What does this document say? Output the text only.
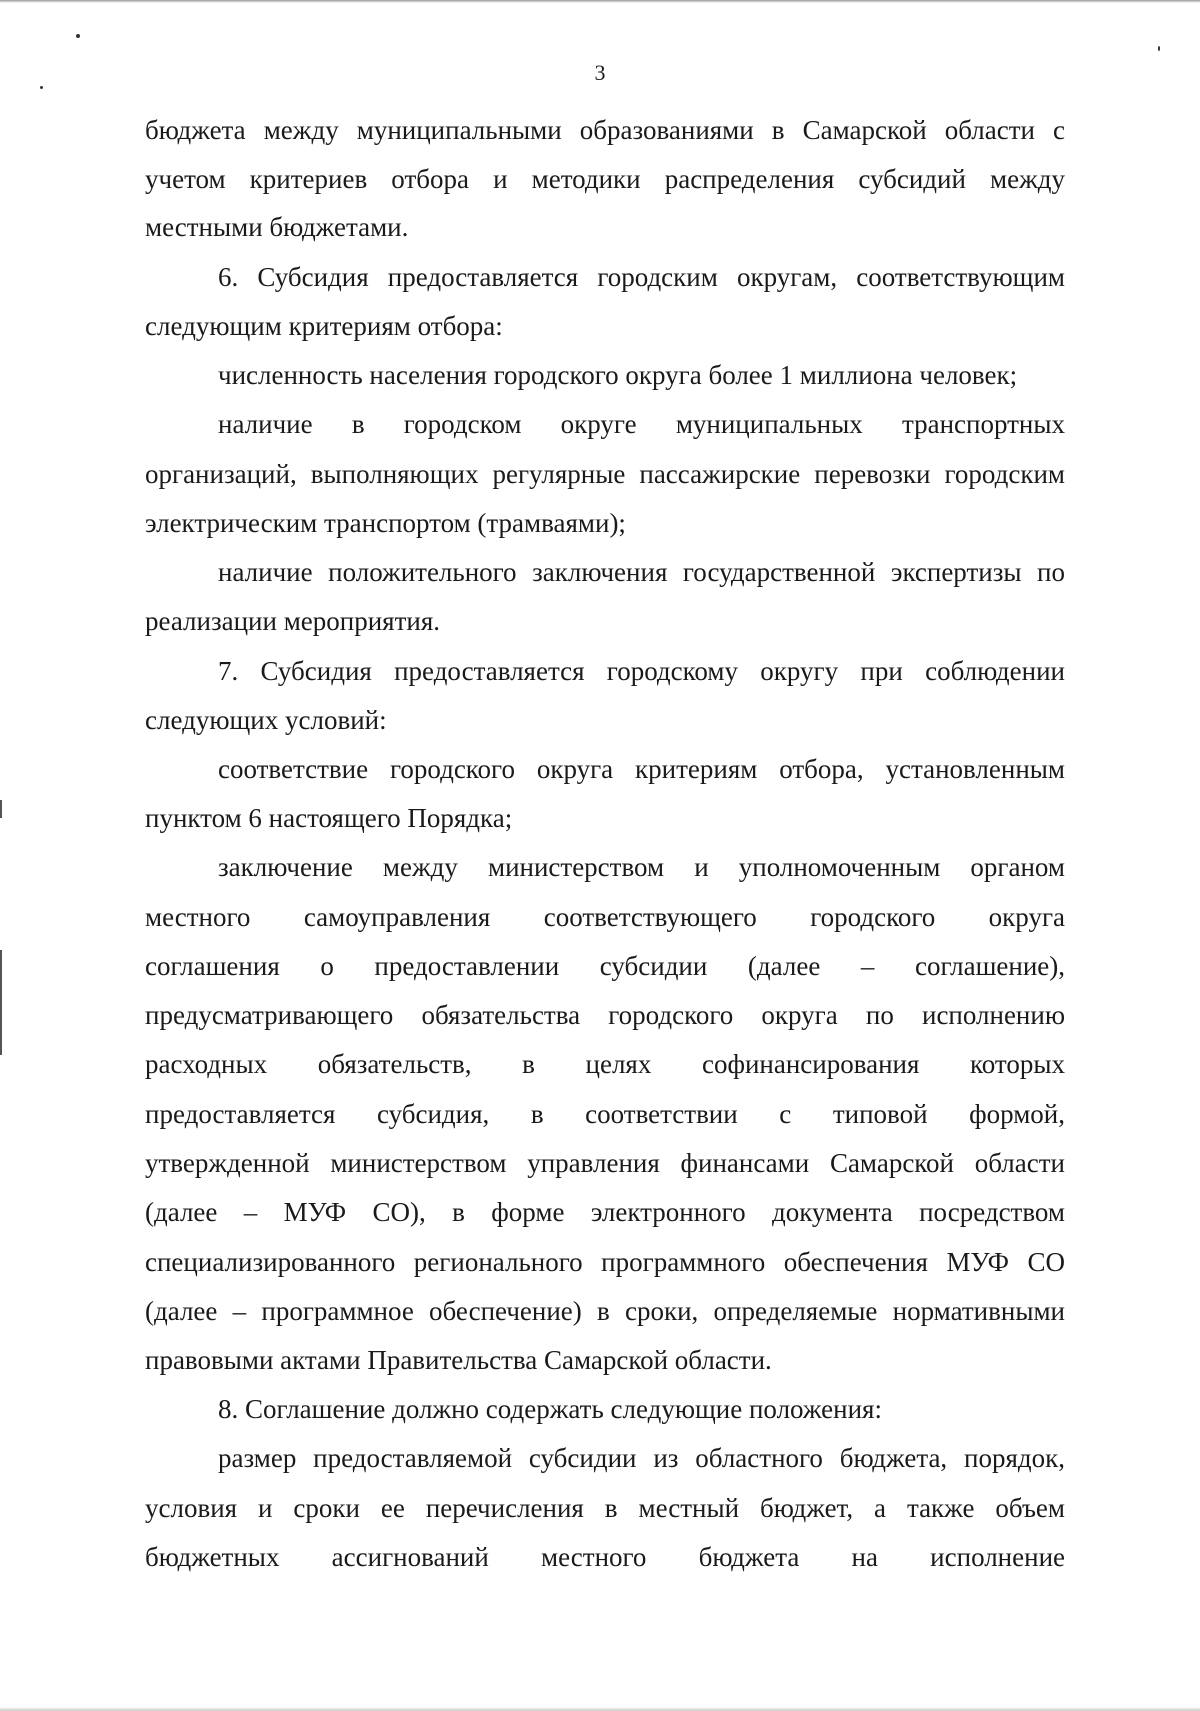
3
бюджета между муниципальными образованиями в Самарской области с
учетом критериев отбора и методики распределения субсидий между
местными бюджетами.
6. Субсидия предоставляется городским округам, соответствующим
следующим критериям отбора:
численность населения городского округа более 1 миллиона человек;
наличие в городском округе муниципальных транспортных
организаций, выполняющих регулярные пассажирские перевозки городским
электрическим транспортом (трамваями);
наличие положительного заключения государственной экспертизы по
реализации мероприятия.
7. Субсидия предоставляется городскому округу при соблюдении
следующих условий:
соответствие городского округа критериям отбора, установленным
пунктом 6 настоящего Порядка;
заключение между министерством и уполномоченным органом
местного самоуправления соответствующего городского округа
соглашения о предоставлении субсидии (далее – соглашение),
предусматривающего обязательства городского округа по исполнению
расходных обязательств, в целях софинансирования которых
предоставляется субсидия, в соответствии с типовой формой,
утвержденной министерством управления финансами Самарской области
(далее – МУФ СО), в форме электронного документа посредством
специализированного регионального программного обеспечения МУФ СО
(далее – программное обеспечение) в сроки, определяемые нормативными
правовыми актами Правительства Самарской области.
8. Соглашение должно содержать следующие положения:
размер предоставляемой субсидии из областного бюджета, порядок,
условия и сроки ее перечисления в местный бюджет, а также объем
бюджетных ассигнований местного бюджета на исполнение
